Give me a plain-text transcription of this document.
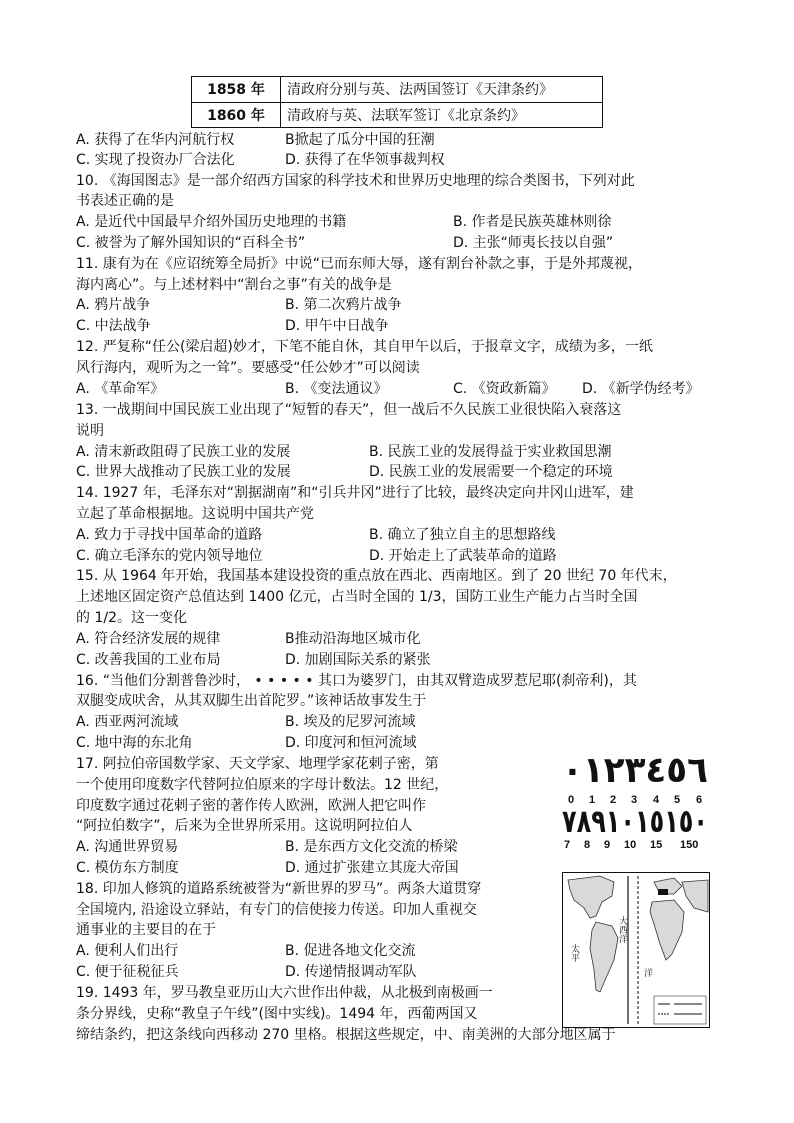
1858 年	清政府分别与英、法两国签订《天津条约》
1860 年	清政府与英、法联军签订《北京条约》
A. 获得了在华内河航行权	B掀起了瓜分中国的狂潮
C. 实现了投资办厂合法化	D. 获得了在华领事裁判权
10. 《海国图志》是一部介绍西方国家的科学技术和世界历史地理的综合类图书，下列对此
书表述正确的是
A. 是近代中国最早介绍外国历史地理的书籍	B. 作者是民族英雄林则徐
C. 被誉为了解外国知识的“百科全书”	D. 主张“师夷长技以自强”
11. 康有为在《应诏统筹全局折》中说“已而东师大辱，遂有割台补款之事，于是外邦蔑视，
海内离心”。与上述材料中“割台之事”有关的战争是
A. 鸦片战争	B. 第二次鸦片战争
C. 中法战争	D. 甲午中日战争
12. 严复称“任公(梁启超)妙才，下笔不能自休，其自甲午以后，于报章文字，成绩为多，一纸
风行海内，观听为之一耸”。要感受“任公妙才”可以阅读
A. 《革命军》	B. 《变法通议》	C. 《资政新篇》 D. 《新学伪经考》
13. 一战期间中国民族工业出现了“短暂的春天”，但一战后不久民族工业很快陷入衰落这
说明
A. 清末新政阻碍了民族工业的发展	B. 民族工业的发展得益于实业救国思潮
C. 世界大战推动了民族工业的发展	D. 民族工业的发展需要一个稳定的环境
14. 1927 年，毛泽东对“割据湖南”和“引兵井冈”进行了比较，最终决定向井冈山进军，建
立起了革命根据地。这说明中国共产党
A. 致力于寻找中国革命的道路	B. 确立了独立自主的思想路线
C. 确立毛泽东的党内领导地位	D. 开始走上了武装革命的道路
15. 从 1964 年开始，我国基本建设投资的重点放在西北、西南地区。到了 20 世纪 70 年代末，
上述地区固定资产总值达到 1400 亿元，占当时全国的 1/3，国防工业生产能力占当时全国
的 1/2。这一变化
A. 符合经济发展的规律	B推动沿海地区城市化
C. 改善我国的工业布局	D. 加剧国际关系的紧张
16. “当他们分割普鲁沙时， • • • • • 其口为婆罗门，由其双臂造成罗惹尼耶(刹帝利)，其
双腿变成吠舍，从其双脚生出首陀罗。”该神话故事发生于
A. 西亚两河流域	B. 埃及的尼罗河流域
C. 地中海的东北角	D. 印度河和恒河流域
17. 阿拉伯帝国数学家、天文学家、地理学家花剌子密，第
一个使用印度数字代替阿拉伯原来的字母计数法。12 世纪，
印度数字通过花剌子密的著作传人欧洲，欧洲人把它叫作
“阿拉伯数字”，后来为全世界所采用。这说明阿拉伯人
A. 沟通世界贸易	B. 是东西方文化交流的桥梁
C. 模仿东方制度	D. 通过扩张建立其庞大帝国
٠١٢٣٤٥٦
0 1 2 3 4 5 6
٧٨٩١٠١٥١٥٠
7 8 9 10 15 150
18. 印加人修筑的道路系统被誉为“新世界的罗马”。两条大道贯穿
全国境内, 沿途设立驿站，有专门的信使接力传送。印加人重视交
通事业的主要目的在于
A. 便利人们出行	B. 促进各地文化交流
C. 便于征税征兵	D. 传递情报调动军队
大西洋
太平
洋
19. 1493 年，罗马教皇亚历山大六世作出仲裁，从北极到南极画一
条分界线，史称“教皇子午线”(图中实线)。1494 年，西葡两国又
缔结条约，把这条线向西移动 270 里格。根据这些规定，中、南美洲的大部分地区属于
